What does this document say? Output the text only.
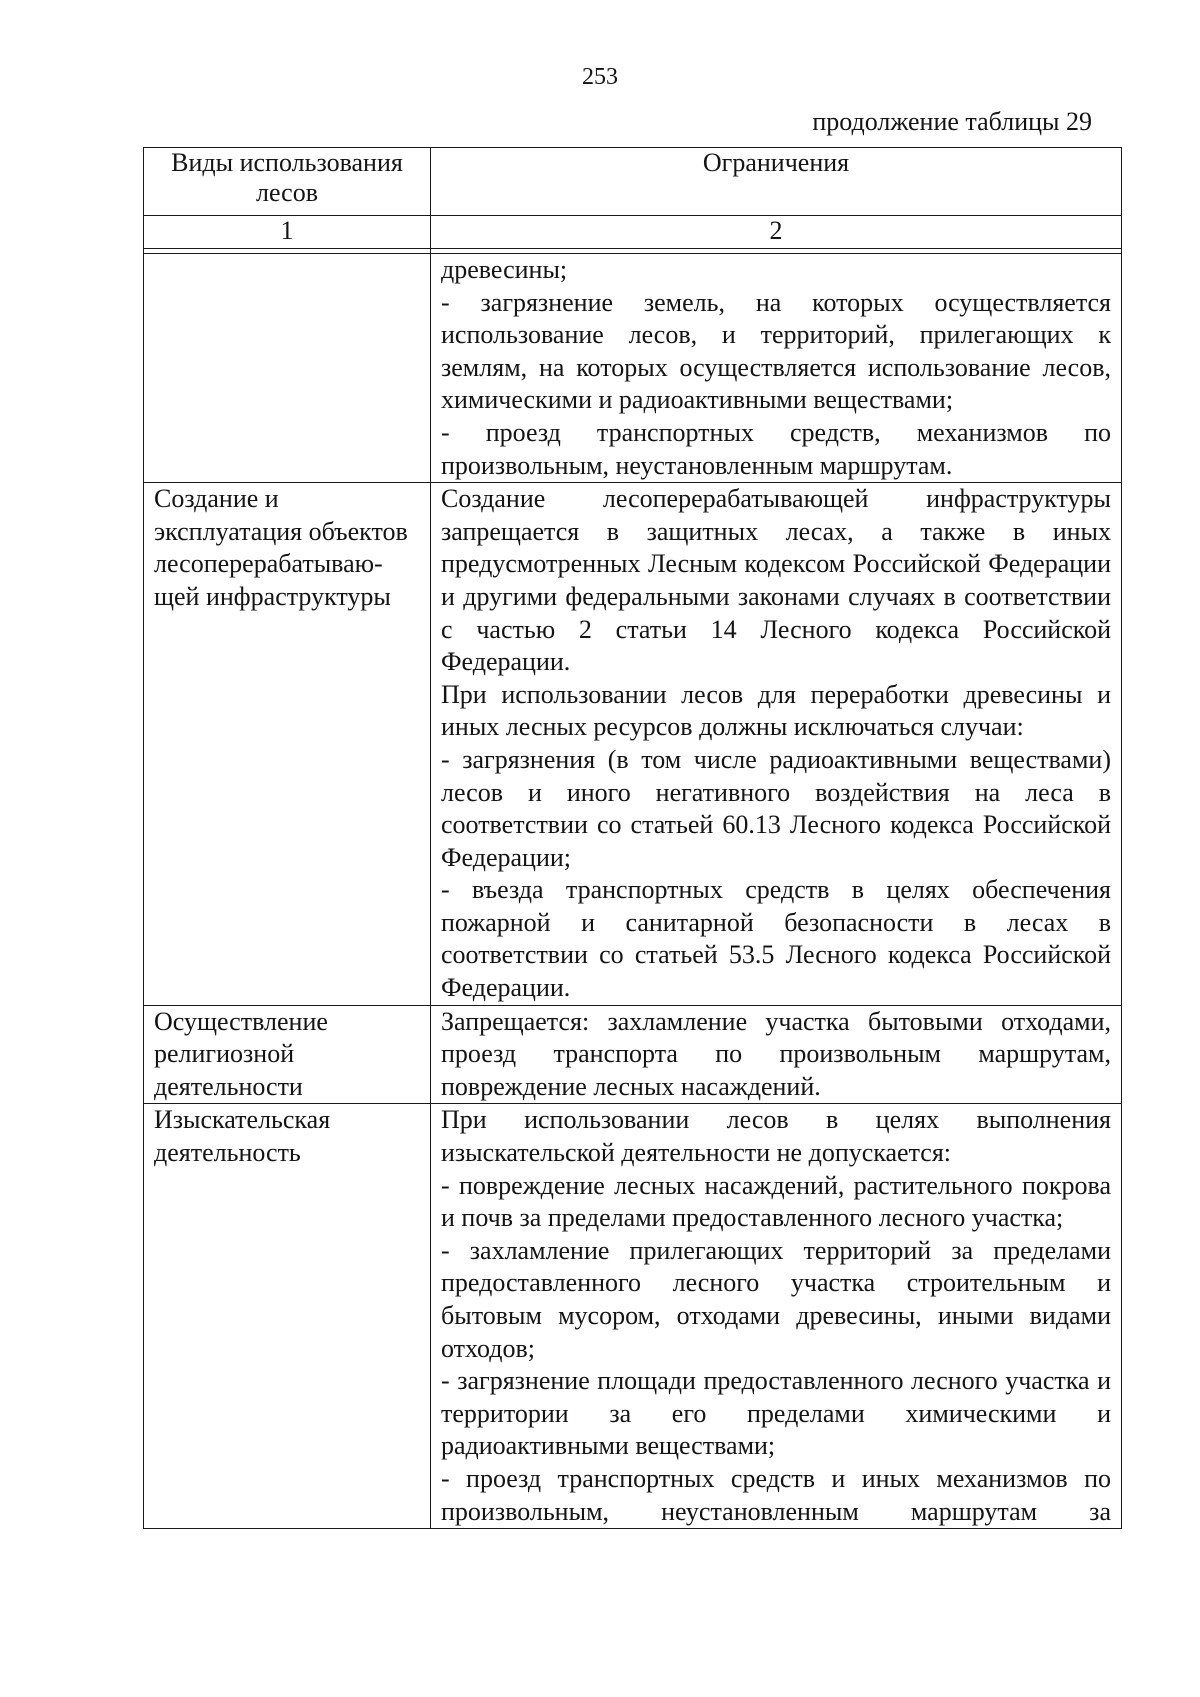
253
продолжение таблицы 29
Виды использования лесов	Ограничения
1	2

	древесины;

- загрязнение земель, на которых осуществляется использование лесов, и территорий, прилегающих к землям, на которых осуществляется использование лесов, химическими и радиоактивными веществами;

- проезд транспортных средств, механизмов по произвольным, неустановленным маршрутам.

Создание и эксплуатация объектов лесоперерабатываю-щей инфраструктуры	Создание лесоперерабатывающей инфраструктуры запрещается в защитных лесах, а также в иных предусмотренных Лесным кодексом Российской Федерации и другими федеральными законами случаях в соответствии с частью 2 статьи 14 Лесного кодекса Российской Федерации.

При использовании лесов для переработки древесины и иных лесных ресурсов должны исключаться случаи:

- загрязнения (в том числе радиоактивными веществами) лесов и иного негативного воздействия на леса в соответствии со статьей 60.13 Лесного кодекса Российской Федерации;

- въезда транспортных средств в целях обеспечения пожарной и санитарной безопасности в лесах в соответствии со статьей 53.5 Лесного кодекса Российской Федерации.

Осуществление религиозной деятельности	Запрещается: захламление участка бытовыми отходами, проезд транспорта по произвольным маршрутам, повреждение лесных насаждений.

Изыскательская деятельность	При использовании лесов в целях выполнения изыскательской деятельности не допускается:

- повреждение лесных насаждений, растительного покрова и почв за пределами предоставленного лесного участка;

- захламление прилегающих территорий за пределами предоставленного лесного участка строительным и бытовым мусором, отходами древесины, иными видами отходов;

- загрязнение площади предоставленного лесного участка и территории за его пределами химическими и радиоактивными веществами;

- проезд транспортных средств и иных механизмов по произвольным, неустановленным маршрутам за
